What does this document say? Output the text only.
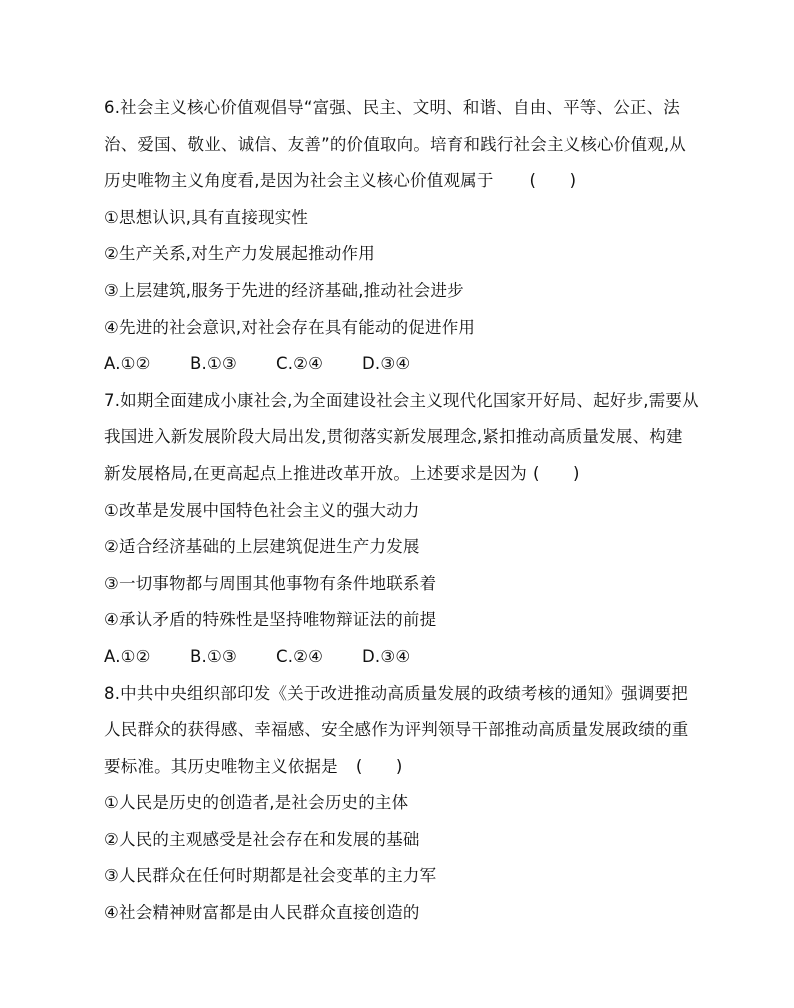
6.社会主义核心价值观倡导“富强、民主、文明、和谐、自由、平等、公正、法
治、爱国、敬业、诚信、友善”的价值取向。培育和践行社会主义核心价值观,从
历史唯物主义角度看,是因为社会主义核心价值观属于 (　　)
①思想认识,具有直接现实性
②生产关系,对生产力发展起推动作用
③上层建筑,服务于先进的经济基础,推动社会进步
④先进的社会意识,对社会存在具有能动的促进作用
A.①②	B.①③	C.②④	D.③④
7.如期全面建成小康社会,为全面建设社会主义现代化国家开好局、起好步,需要从
我国进入新发展阶段大局出发,贯彻落实新发展理念,紧扣推动高质量发展、构建
新发展格局,在更高起点上推进改革开放。上述要求是因为 (　　)
①改革是发展中国特色社会主义的强大动力
②适合经济基础的上层建筑促进生产力发展
③一切事物都与周围其他事物有条件地联系着
④承认矛盾的特殊性是坚持唯物辩证法的前提
A.①②	B.①③	C.②④	D.③④
8.中共中央组织部印发《关于改进推动高质量发展的政绩考核的通知》强调要把
人民群众的获得感、幸福感、安全感作为评判领导干部推动高质量发展政绩的重
要标准。其历史唯物主义依据是 (　　)
①人民是历史的创造者,是社会历史的主体
②人民的主观感受是社会存在和发展的基础
③人民群众在任何时期都是社会变革的主力军
④社会精神财富都是由人民群众直接创造的
